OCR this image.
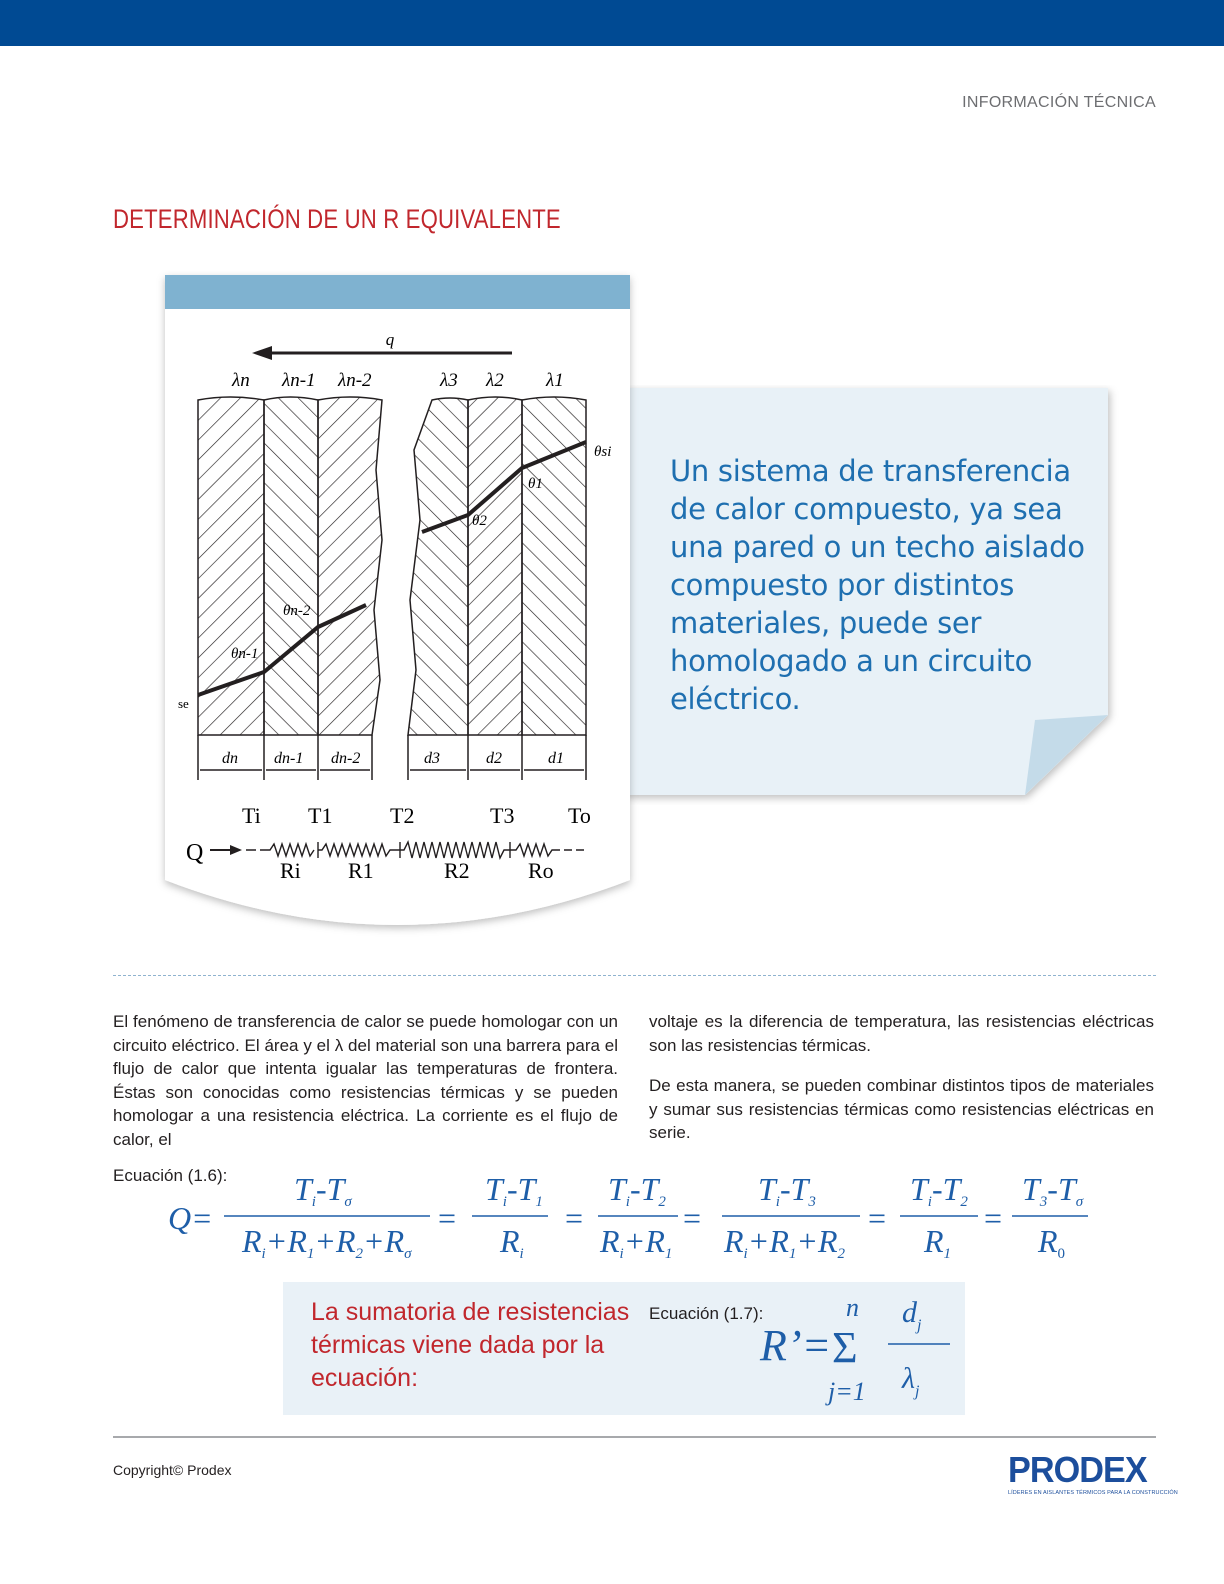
INFORMACIÓN TÉCNICA
DETERMINACIÓN DE UN R EQUIVALENTE
Un sistema de transferencia de calor compuesto, ya sea una pared o un techo aislado compuesto por distintos materiales, puede ser homologado a un circuito eléctrico.
q
λn λn-1 λn-2	λ3 λ2 λ1
θsi
θ1
θ2
θn-2
θn-1
se
dn dn-1 dn-2	d3	d2	d1
Ti T1	T2	T3 To
Q
Ri R1	R2	Ro

El fenómeno de transferencia de calor se puede homologar con un circuito eléctrico. El área y el λ del material son una barrera para el flujo de calor que intenta igualar las temperaturas de frontera. Éstas son conocidas como resistencias térmicas y se pueden homologar a una resistencia eléctrica. La corriente es el flujo de calor, el

voltaje es la diferencia de temperatura, las resistencias eléctricas son las resistencias térmicas.

De esta manera, se pueden combinar distintos tipos de materiales y sumar sus resistencias térmicas como resistencias eléctricas en serie.

Ecuación (1.6):
Q=
Ti-Tσ
Ri+R1+R2+Rσ
=
Ti-T1
Ri
=
Ti-T2
Ri+R1
=
Ti-T3
Ri+R1+R2
=
Ti-T2
R1
=
T3-Tσ
R0
La sumatoria de resistencias térmicas viene dada por la ecuación:
Ecuación (1.7):	n
R’= Σ
j=1
$d_j$
$\lambda_j$
Copyright© Prodex	PRODEX
LÍDERES EN AISLANTES TÉRMICOS PARA LA CONSTRUCCIÓN
